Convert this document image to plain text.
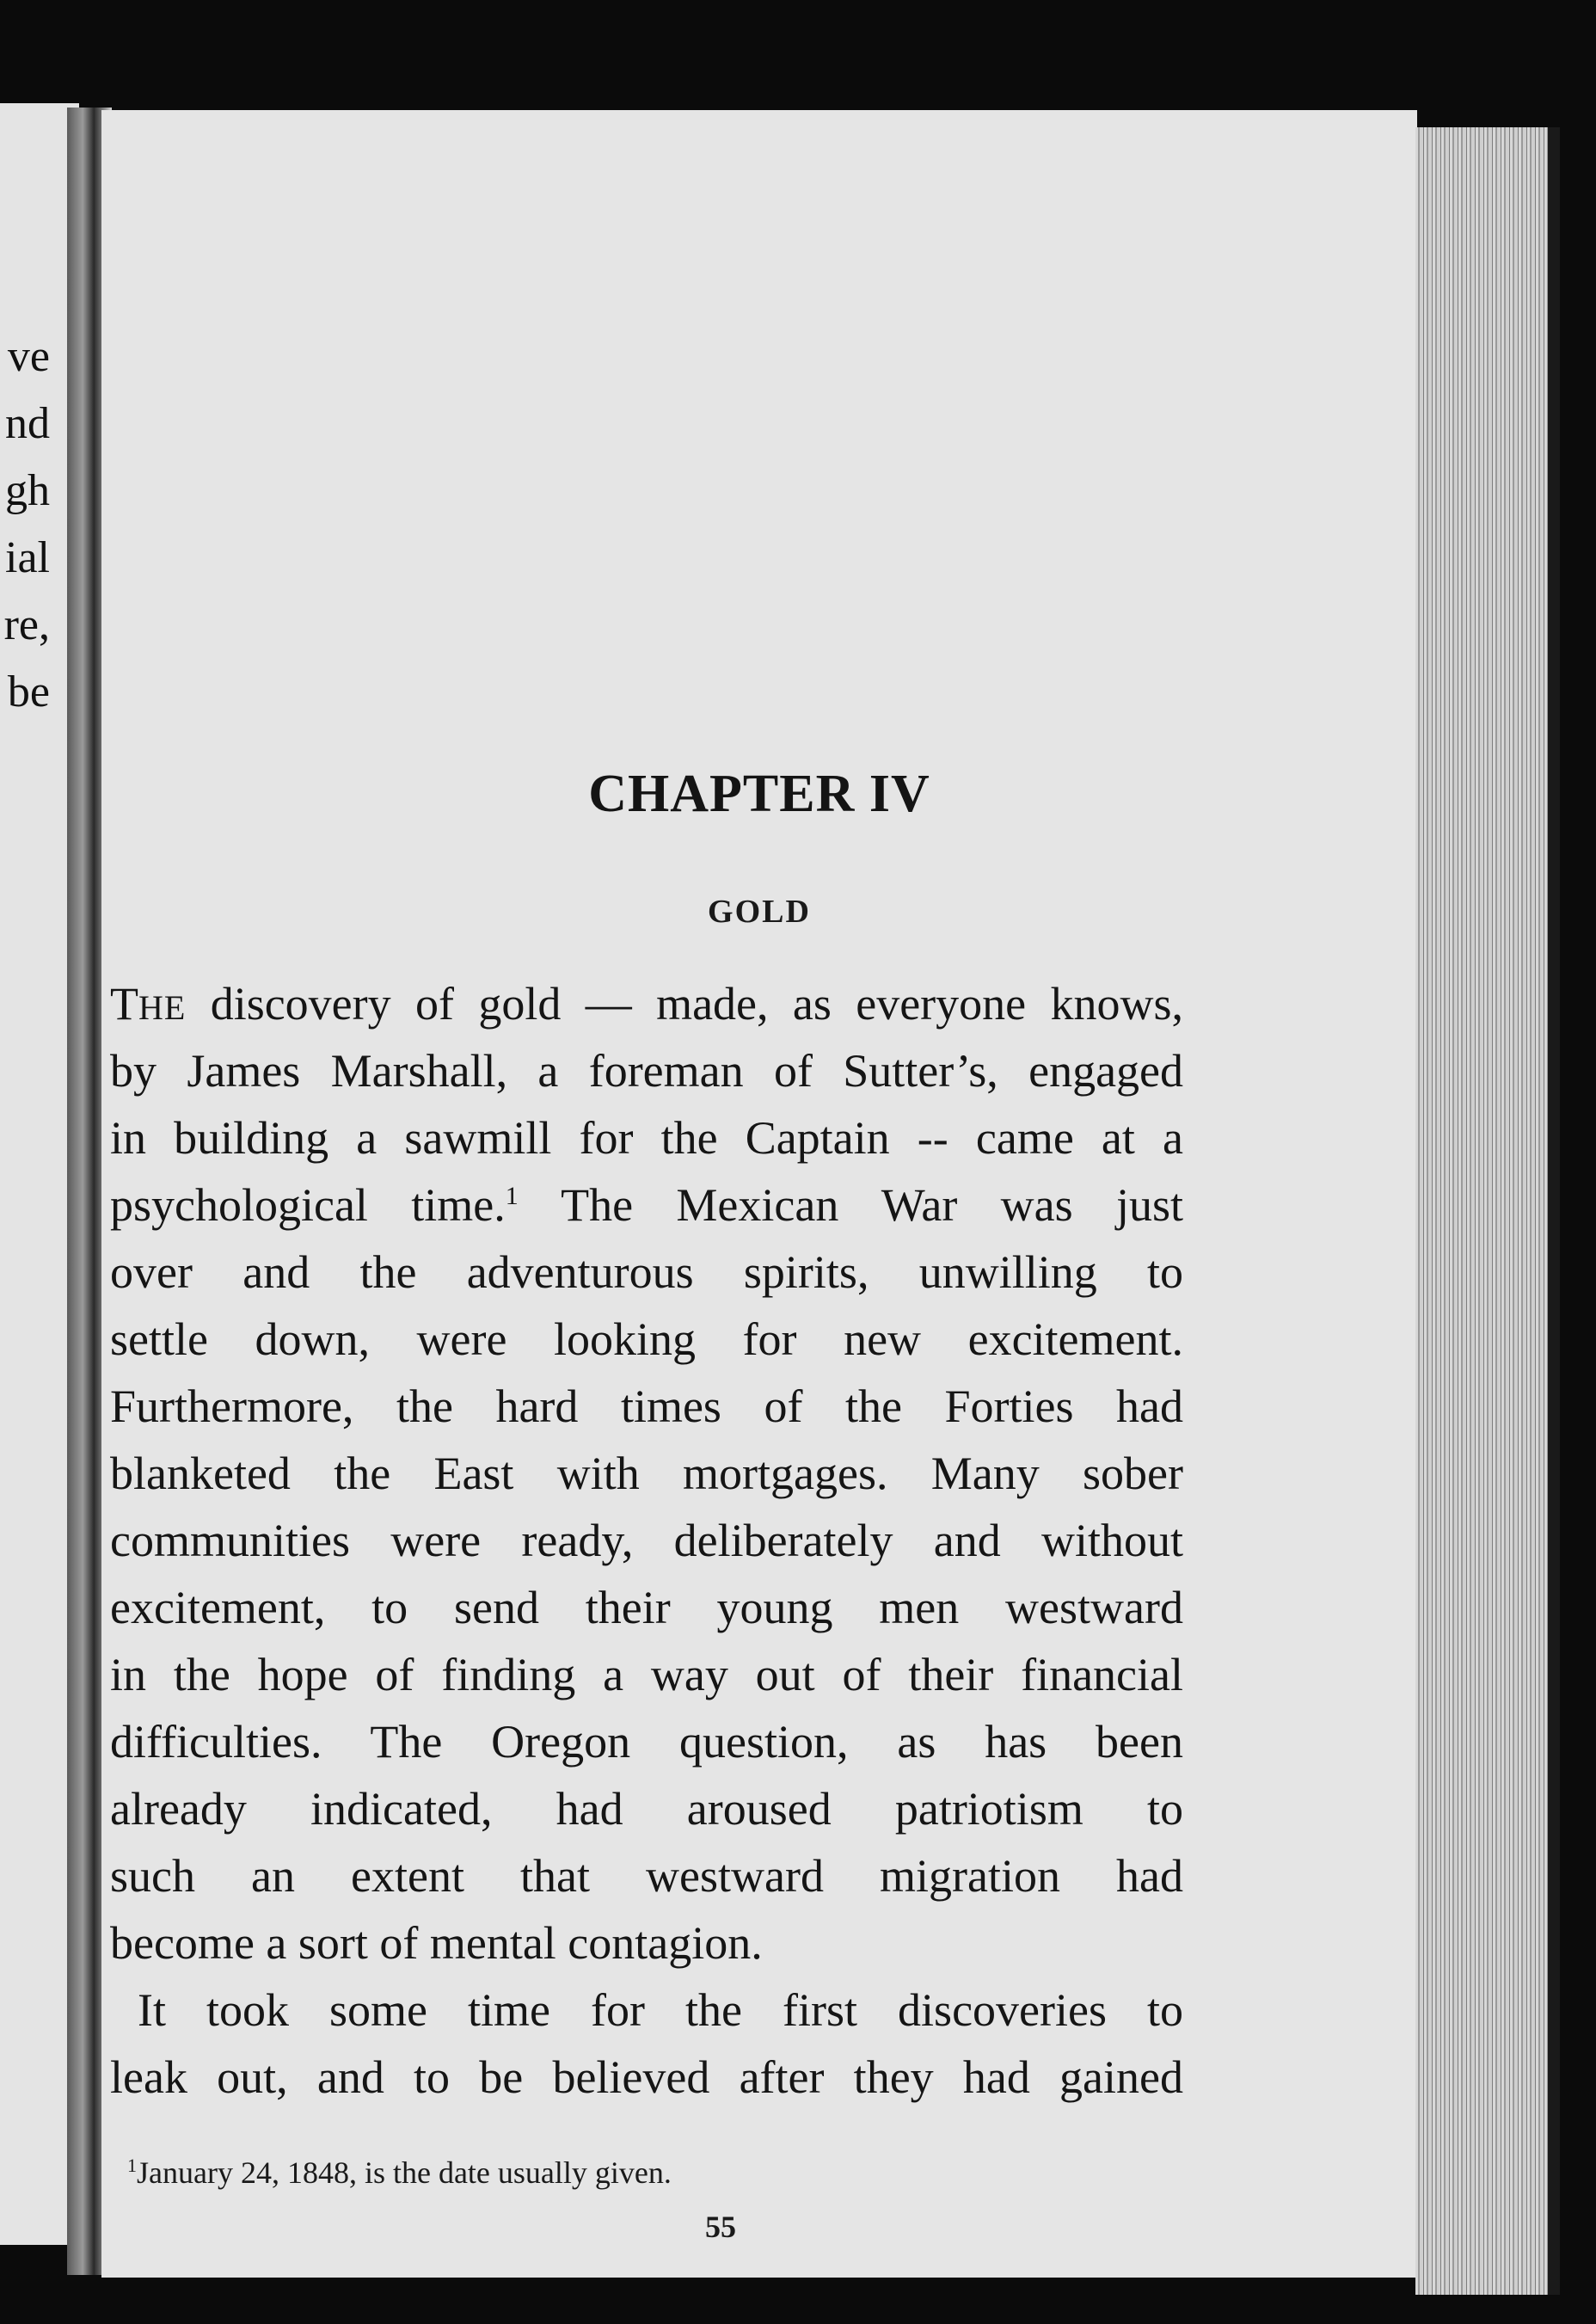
ve
nd
gh
ial
re,
be
CHAPTER IV
GOLD
THE discovery of gold — made, as everyone knows,
by James Marshall, a foreman of Sutter’s, engaged
in building a sawmill for the Captain -- came at a
psychological time.$^1$ The Mexican War was just
over and the adventurous spirits, unwilling to
settle down, were looking for new excitement.
Furthermore, the hard times of the Forties had
blanketed the East with mortgages. Many sober
communities were ready, deliberately and without
excitement, to send their young men westward
in the hope of finding a way out of their financial
difficulties. The Oregon question, as has been
already indicated, had aroused patriotism to
such an extent that westward migration had
become a sort of mental contagion.
It took some time for the first discoveries to
leak out, and to be believed after they had gained
$^1$January 24, 1848, is the date usually given.
55
